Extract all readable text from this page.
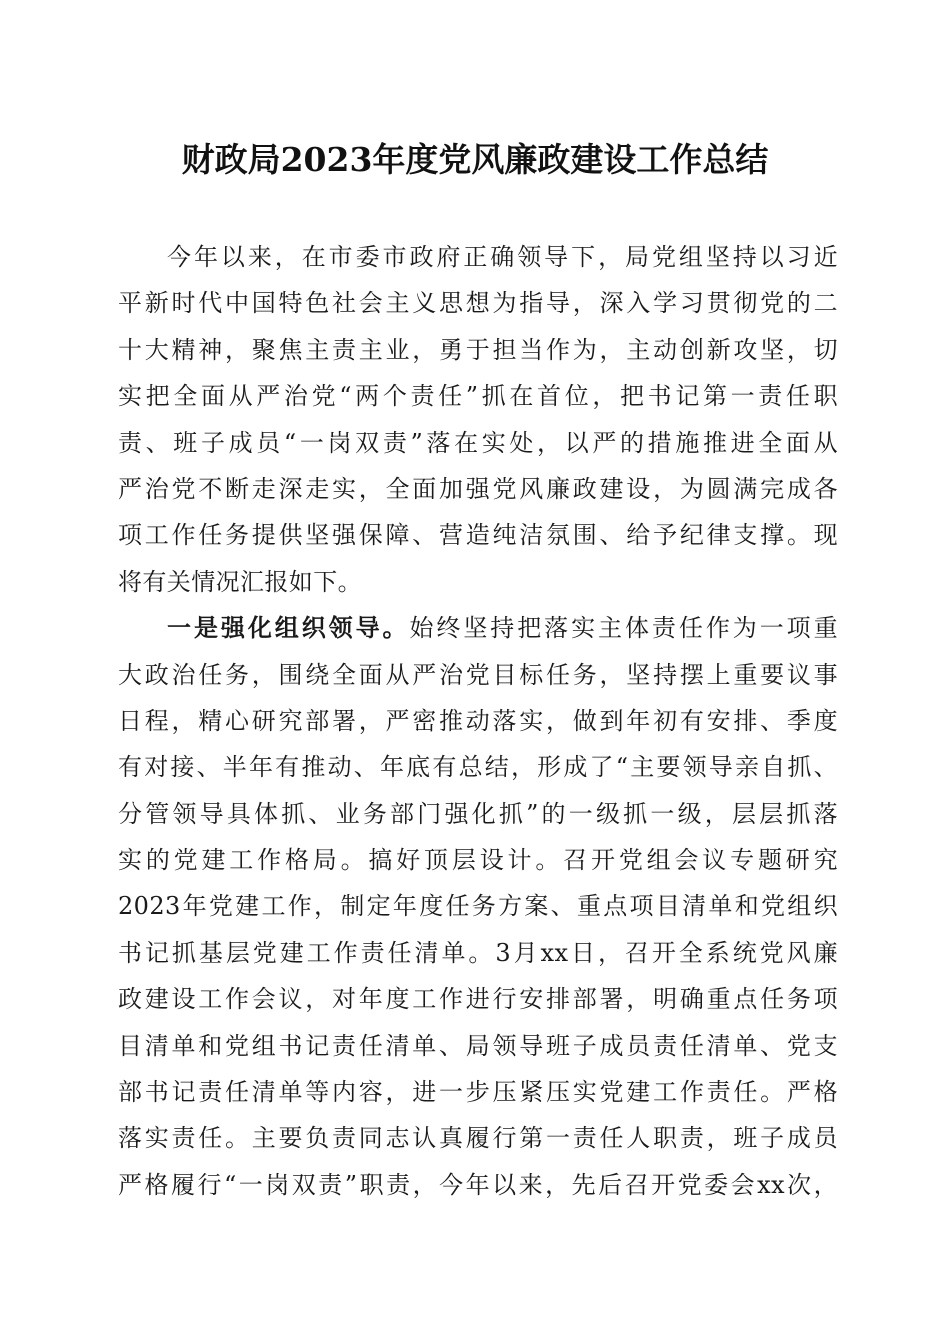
财政局2023年度党风廉政建设工作总结
今年以来，在市委市政府正确领导下，局党组坚持以习近
平新时代中国特色社会主义思想为指导，深入学习贯彻党的二
十大精神，聚焦主责主业，勇于担当作为，主动创新攻坚，切
实把全面从严治党“两个责任”抓在首位，把书记第一责任职
责、班子成员“一岗双责”落在实处，以严的措施推进全面从
严治党不断走深走实，全面加强党风廉政建设，为圆满完成各
项工作任务提供坚强保障、营造纯洁氛围、给予纪律支撑。现
将有关情况汇报如下。
一是强化组织领导。始终坚持把落实主体责任作为一项重
大政治任务，围绕全面从严治党目标任务，坚持摆上重要议事
日程，精心研究部署，严密推动落实，做到年初有安排、季度
有对接、半年有推动、年底有总结，形成了“主要领导亲自抓、
分管领导具体抓、业务部门强化抓”的一级抓一级，层层抓落
实的党建工作格局。搞好顶层设计。召开党组会议专题研究
2023年党建工作，制定年度任务方案、重点项目清单和党组织
书记抓基层党建工作责任清单。3月xx日，召开全系统党风廉
政建设工作会议，对年度工作进行安排部署，明确重点任务项
目清单和党组书记责任清单、局领导班子成员责任清单、党支
部书记责任清单等内容，进一步压紧压实党建工作责任。严格
落实责任。主要负责同志认真履行第一责任人职责，班子成员
严格履行“一岗双责”职责，今年以来，先后召开党委会xx次，
